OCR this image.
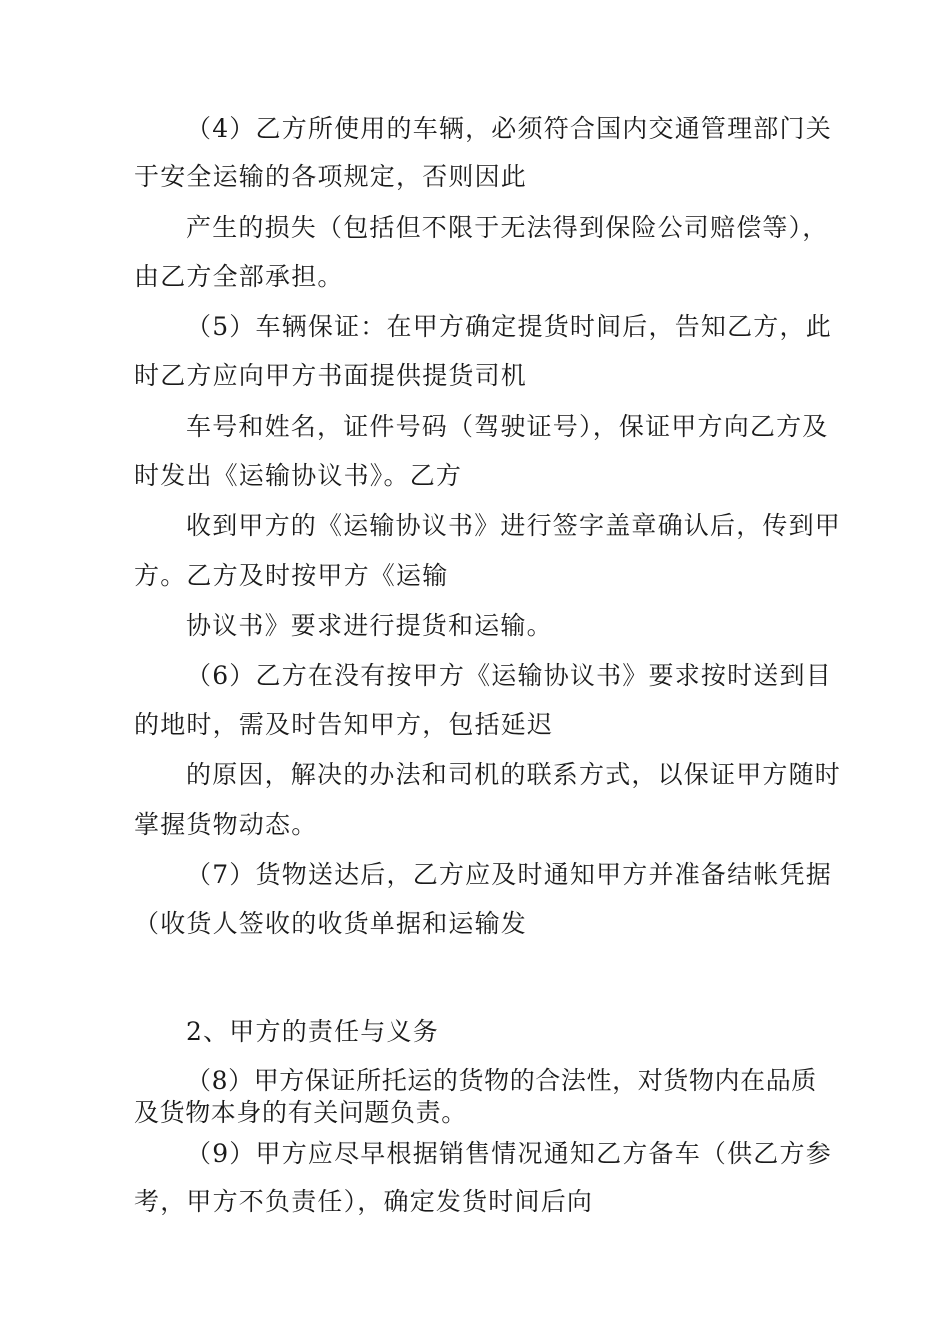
（4）乙方所使用的车辆，必须符合国内交通管理部门关
于安全运输的各项规定，否则因此
产生的损失（包括但不限于无法得到保险公司赔偿等），
由乙方全部承担。
（5）车辆保证：在甲方确定提货时间后，告知乙方，此
时乙方应向甲方书面提供提货司机
车号和姓名，证件号码（驾驶证号），保证甲方向乙方及
时发出《运输协议书》。乙方
收到甲方的《运输协议书》进行签字盖章确认后，传到甲
方。乙方及时按甲方《运输
协议书》要求进行提货和运输。
（6）乙方在没有按甲方《运输协议书》要求按时送到目
的地时，需及时告知甲方，包括延迟
的原因，解决的办法和司机的联系方式，以保证甲方随时
掌握货物动态。
（7）货物送达后，乙方应及时通知甲方并准备结帐凭据
（收货人签收的收货单据和运输发
2、甲方的责任与义务
（8）甲方保证所托运的货物的合法性，对货物内在品质
及货物本身的有关问题负责。
（9）甲方应尽早根据销售情况通知乙方备车（供乙方参
考，甲方不负责任），确定发货时间后向
